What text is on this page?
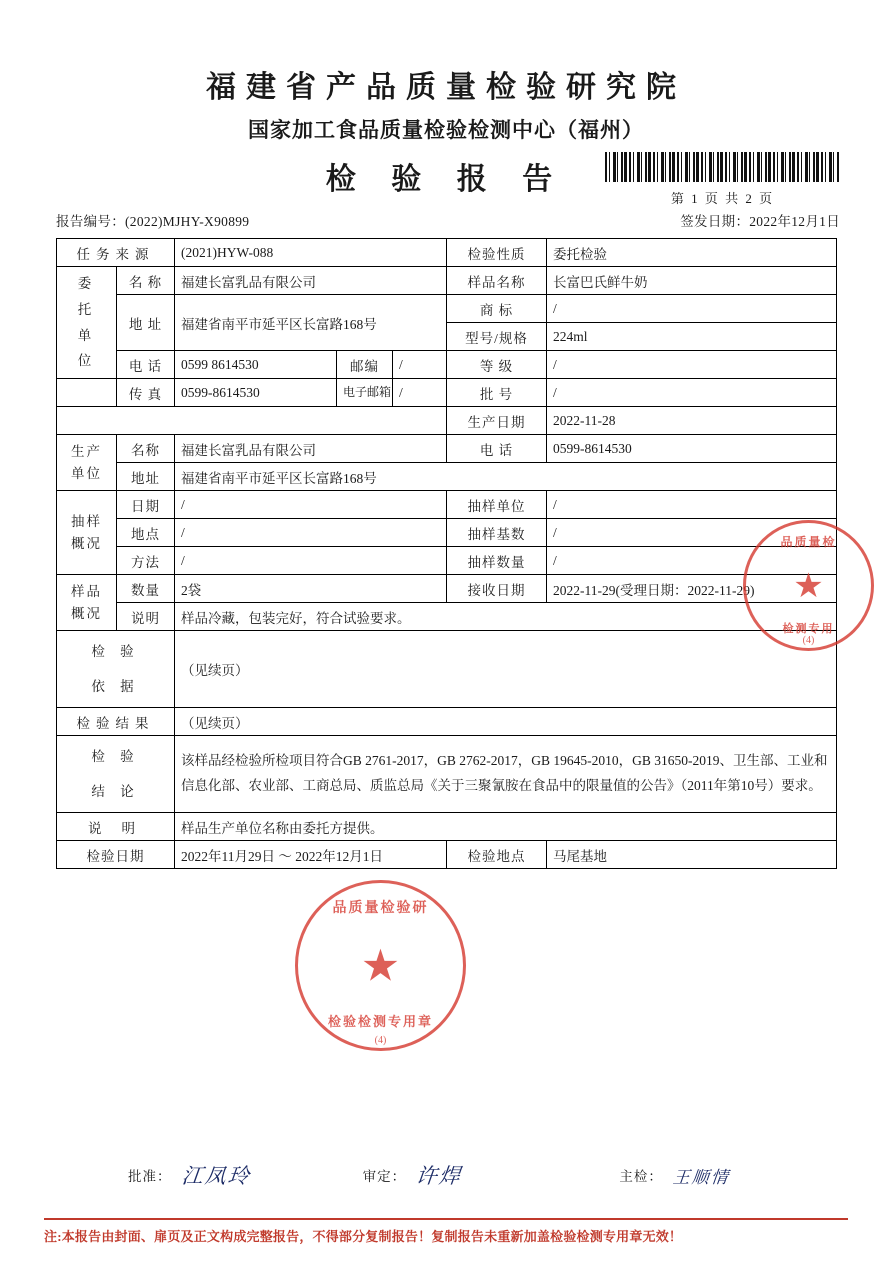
福建省产品质量检验研究院
国家加工食品质量检验检测中心（福州）
检 验 报 告
第 1 页 共 2 页
报告编号：(2022)MJHY-X90899	签发日期：2022年12月1日
任务来源		(2021)HYW-088			检验性质	委托检验
委
托
单
位	名 称	福建长富乳品有限公司			样品名称	长富巴氏鲜牛奶
	地 址	福建省南平市延平区长富路168号			商 标	/
					型号/规格	224ml
	电 话	0599 8614530	邮编	/	等 级	/
	传 真	0599-8614530	电子邮箱	/	批 号	/
					生产日期	2022-11-28
生产
单位	名称	福建长富乳品有限公司			电 话	0599-8614530
	地址	福建省南平市延平区长富路168号				
抽样
概况	日期	/			抽样单位	/
	地点	/			抽样基数	/
	方法	/			抽样数量	/
样品
概况	数量	2袋			接收日期	2022-11-29(受理日期：2022-11-29)
	说明	样品冷藏，包装完好，符合试验要求。				
检 验
依 据		（见续页）				
检验结果		（见续页）				
检 验
结 论		该样品经检验所检项目符合GB 2761-2017，GB 2762-2017，GB 19645-2010，GB 31650-2019、卫生部、工业和信息化部、农业部、工商总局、质监总局《关于三聚氰胺在食品中的限量值的公告》（2011年第10号）要求。				
说明		样品生产单位名称由委托方提供。				
检验日期		2022年11月29日 ～ 2022年12月1日			检验地点	马尾基地
批准： 江凤玲	审定： 许焊	主检： 王顺情
注:本报告由封面、扉页及正文构成完整报告，不得部分复制报告！复制报告未重新加盖检验检测专用章无效！
品质量检
★
检测专用
(4)
品质量检验研
★
检验检测专用章
(4)
